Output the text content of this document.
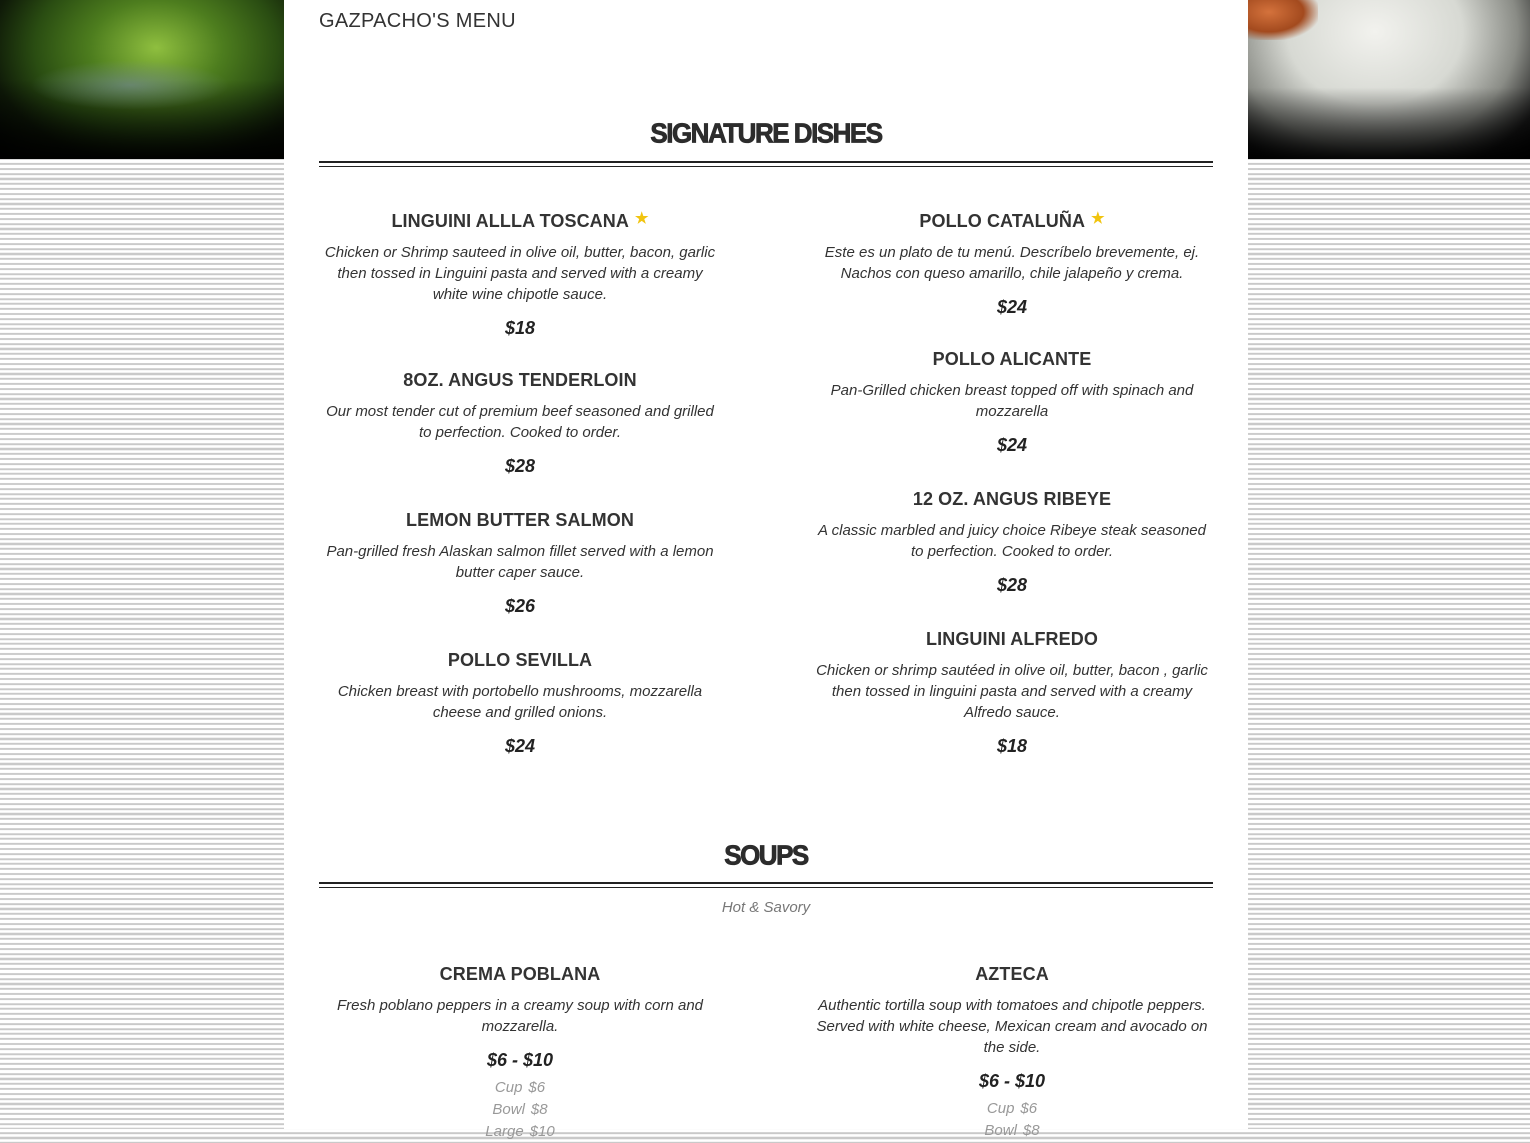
GAZPACHO'S MENU
SIGNATURE DISHES
LINGUINI ALLLA TOSCANA ★
Chicken or Shrimp sauteed in olive oil, butter, bacon, garlic then tossed in Linguini pasta and served with a creamy white wine chipotle sauce.
$18
8OZ. ANGUS TENDERLOIN
Our most tender cut of premium beef seasoned and grilled to perfection. Cooked to order.
$28
LEMON BUTTER SALMON
Pan-grilled fresh Alaskan salmon fillet served with a lemon butter caper sauce.
$26
POLLO SEVILLA
Chicken breast with portobello mushrooms, mozzarella cheese and grilled onions.
$24
POLLO CATALUÑA ★
Este es un plato de tu menú. Descríbelo brevemente, ej. Nachos con queso amarillo, chile jalapeño y crema.
$24
POLLO ALICANTE
Pan-Grilled chicken breast topped off with spinach and mozzarella
$24
12 OZ. ANGUS RIBEYE
A classic marbled and juicy choice Ribeye steak seasoned to perfection. Cooked to order.
$28
LINGUINI ALFREDO
Chicken or shrimp sautéed in olive oil, butter, bacon , garlic then tossed in linguini pasta and served with a creamy Alfredo sauce.
$18
SOUPS
Hot & Savory
CREMA POBLANA
Fresh poblano peppers in a creamy soup with corn and mozzarella.
$6 - $10
Cup $6
Bowl $8
Large $10
AZTECA
Authentic tortilla soup with tomatoes and chipotle peppers. Served with white cheese, Mexican cream and avocado on the side.
$6 - $10
Cup $6
Bowl $8
